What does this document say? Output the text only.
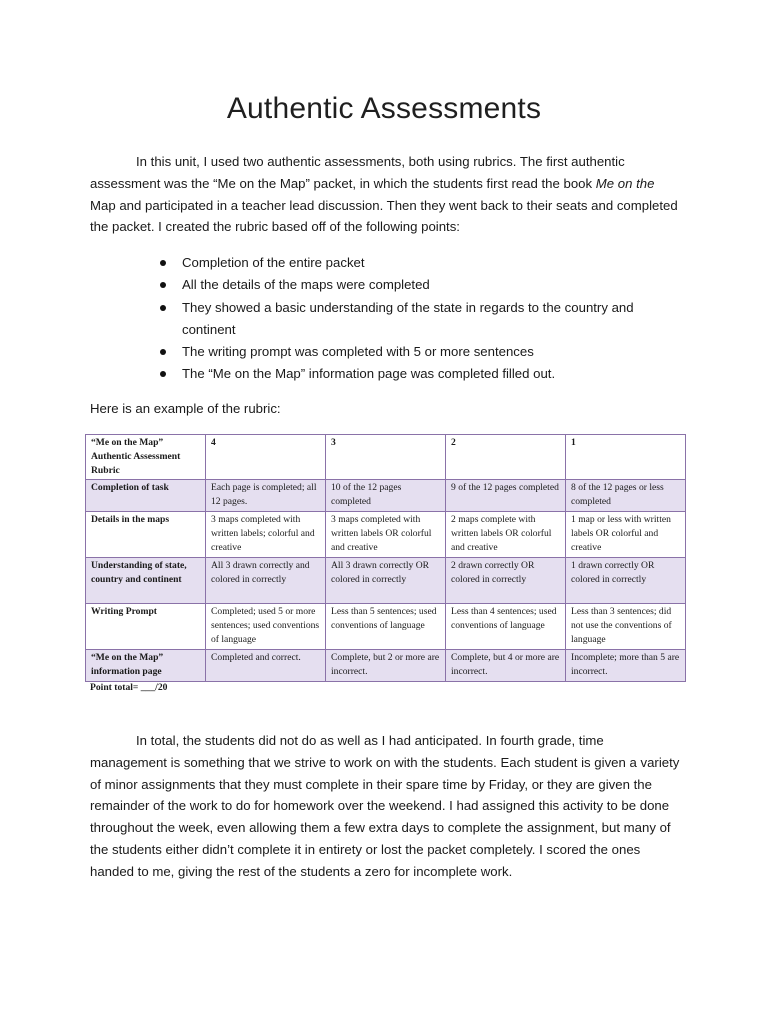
Authentic Assessments
In this unit, I used two authentic assessments, both using rubrics. The first authentic assessment was the “Me on the Map” packet, in which the students first read the book Me on the Map and participated in a teacher lead discussion. Then they went back to their seats and completed the packet. I created the rubric based off of the following points:
Completion of the entire packet
All the details of the maps were completed
They showed a basic understanding of the state in regards to the country and continent
The writing prompt was completed with 5 or more sentences
The “Me on the Map” information page was completed filled out.
Here is an example of the rubric:
“Me on the Map” Authentic Assessment Rubric	4	3	2	1
Completion of task	Each page is completed; all 12 pages.	10 of the 12 pages completed	9 of the 12 pages completed	8 of the 12 pages or less completed
Details in the maps	3 maps completed with written labels; colorful and creative	3 maps completed with written labels OR colorful and creative	2 maps complete with written labels OR colorful and creative	1 map or less with written labels OR colorful and creative
Understanding of state, country and continent	All 3 drawn correctly and colored in correctly	All 3 drawn correctly OR colored in correctly	2 drawn correctly OR colored in correctly	1 drawn correctly OR colored in correctly
Writing Prompt	Completed; used 5 or more sentences; used conventions of language	Less than 5 sentences; used conventions of language	Less than 4 sentences; used conventions of language	Less than 3 sentences; did not use the conventions of language
“Me on the Map” information page	Completed and correct.	Complete, but 2 or more are incorrect.	Complete, but 4 or more are incorrect.	Incomplete; more than 5 are incorrect.
Point total= ___/20
In total, the students did not do as well as I had anticipated. In fourth grade, time management is something that we strive to work on with the students. Each student is given a variety of minor assignments that they must complete in their spare time by Friday, or they are given the remainder of the work to do for homework over the weekend. I had assigned this activity to be done throughout the week, even allowing them a few extra days to complete the assignment, but many of the students either didn’t complete it in entirety or lost the packet completely. I scored the ones handed to me, giving the rest of the students a zero for incomplete work.
